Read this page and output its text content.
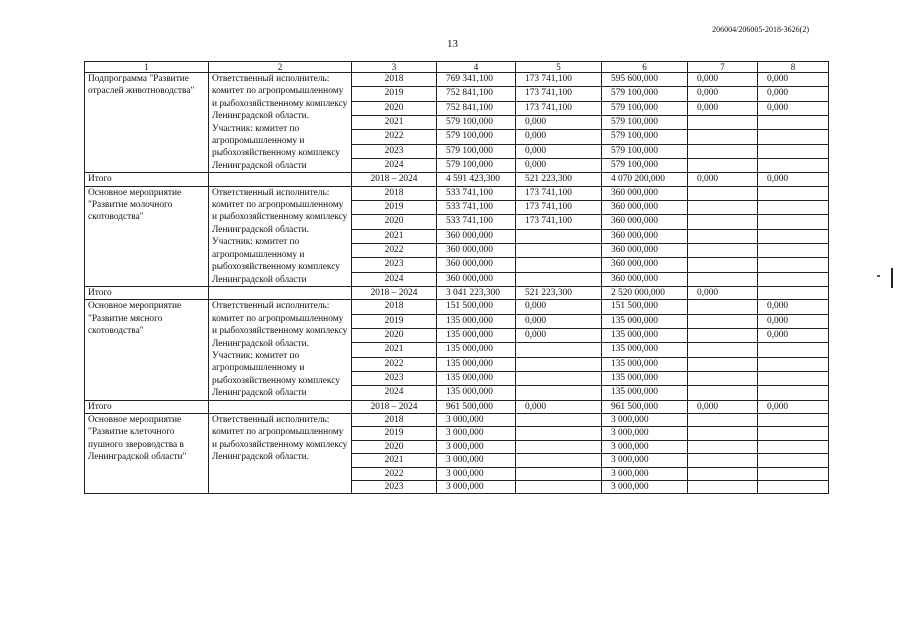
206004/206005-2018-3626(2)
13
1	2	3	4	5	6	7	8
Подпрограмма "Развитие отраслей животноводства"	Ответственный исполнитель: комитет по агропромышленному и рыбохозяйственному комплексу Ленинградской области. Участник: комитет по агропромышленному и рыбохозяйственному комплексу Ленинградской области	2018	769 341,100	173 741,100	595 600,000	0,000	0,000
		2019	752 841,100	173 741,100	579 100,000	0,000	0,000
		2020	752 841,100	173 741,100	579 100,000	0,000	0,000
		2021	579 100,000	0,000	579 100,000		
		2022	579 100,000	0,000	579 100,000		
		2023	579 100,000	0,000	579 100,000		
		2024	579 100,000	0,000	579 100,000		
Итого		2018 – 2024	4 591 423,300	521 223,300	4 070 200,000	0,000	0,000
Основное мероприятие "Развитие молочного скотоводства"	Ответственный исполнитель: комитет по агропромышленному и рыбохозяйственному комплексу Ленинградской области. Участник: комитет по агропромышленному и рыбохозяйственному комплексу Ленинградской области	2018	533 741,100	173 741,100	360 000,000		
		2019	533 741,100	173 741,100	360 000,000		
		2020	533 741,100	173 741,100	360 000,000		
		2021	360 000,000		360 000,000		
		2022	360 000,000		360 000,000		
		2023	360 000,000		360 000,000		
		2024	360 000,000		360 000,000		
Итого		2018 – 2024	3 041 223,300	521 223,300	2 520 000,000	0,000	
Основное мероприятие "Развитие мясного скотоводства"	Ответственный исполнитель: комитет по агропромышленному и рыбохозяйственному комплексу Ленинградской области. Участник: комитет по агропромышленному и рыбохозяйственному комплексу Ленинградской области	2018	151 500,000	0,000	151 500,000		0,000
		2019	135 000,000	0,000	135 000,000		0,000
		2020	135 000,000	0,000	135 000,000		0,000
		2021	135 000,000		135 000,000		
		2022	135 000,000		135 000,000		
		2023	135 000,000		135 000,000		
		2024	135 000,000		135 000,000		
Итого		2018 – 2024	961 500,000	0,000	961 500,000	0,000	0,000
Основное мероприятие "Развитие клеточного пушного звероводства в Ленинградской области"	Ответственный исполнитель: комитет по агропромышленному и рыбохозяйственному комплексу Ленинградской области.	2018	3 000,000		3 000,000		
		2019	3 000,000		3 000,000		
		2020	3 000,000		3 000,000		
		2021	3 000,000		3 000,000		
		2022	3 000,000		3 000,000		
		2023	3 000,000		3 000,000		
